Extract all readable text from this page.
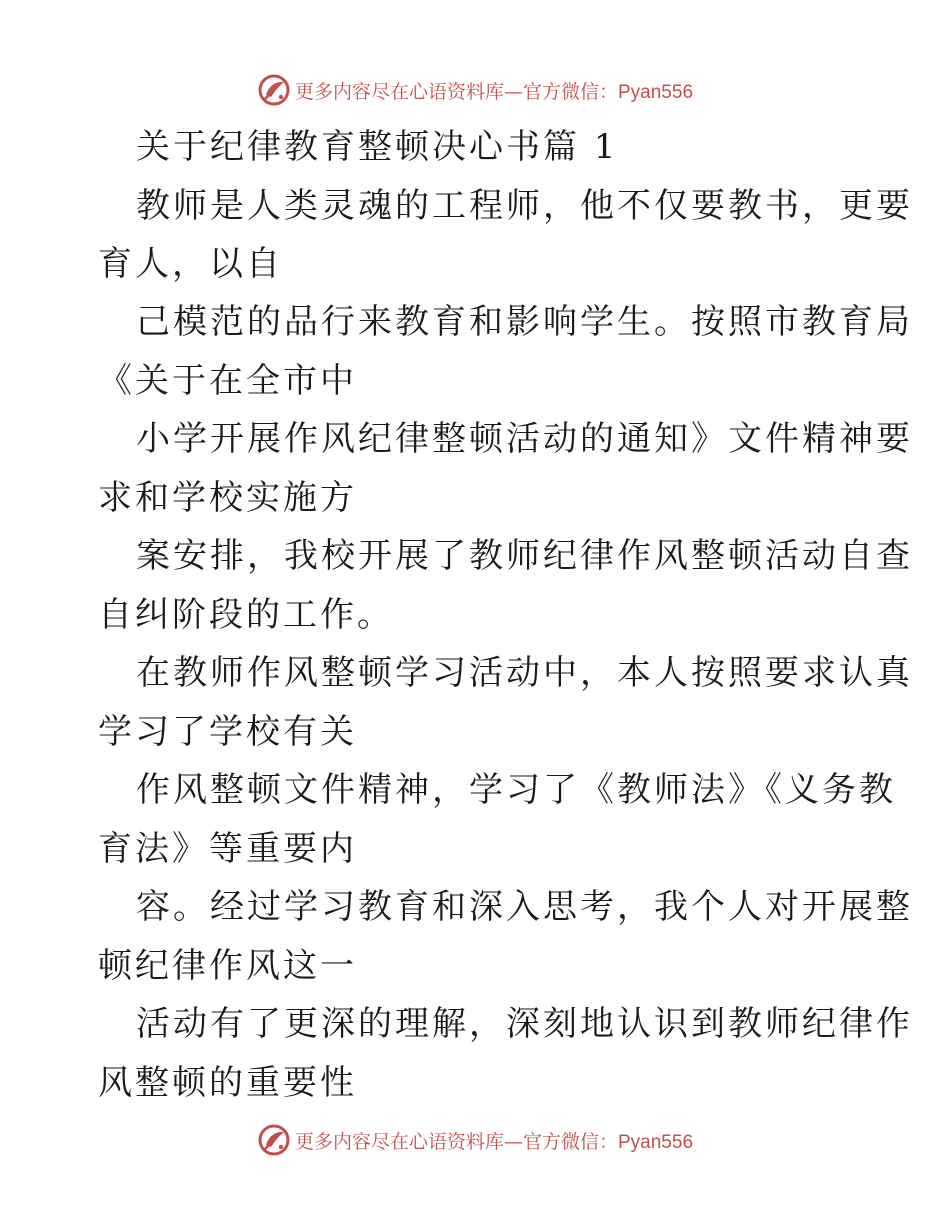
更多内容尽在心语资料库—官方微信：Pyan556
关于纪律教育整顿决心书篇 1
教师是人类灵魂的工程师，他不仅要教书，更要
育人，以自
己模范的品行来教育和影响学生。按照市教育局
《关于在全市中
小学开展作风纪律整顿活动的通知》文件精神要
求和学校实施方
案安排，我校开展了教师纪律作风整顿活动自查
自纠阶段的工作。
在教师作风整顿学习活动中，本人按照要求认真
学习了学校有关
作风整顿文件精神，学习了《教师法》《义务教
育法》等重要内
容。经过学习教育和深入思考，我个人对开展整
顿纪律作风这一
活动有了更深的理解，深刻地认识到教师纪律作
风整顿的重要性
更多内容尽在心语资料库—官方微信：Pyan556
